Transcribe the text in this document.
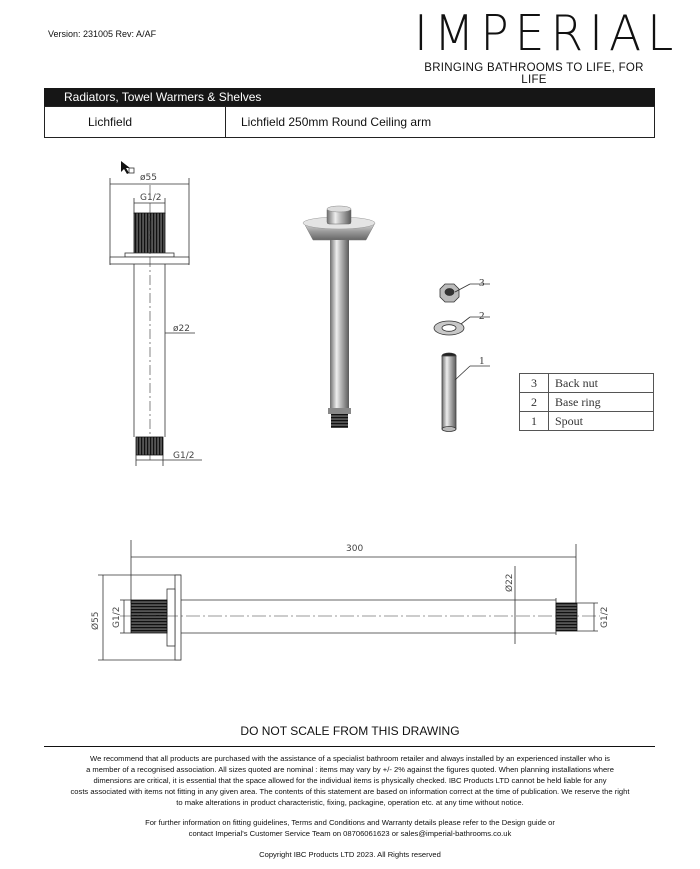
Version: 231005 Rev: A/AF	IMPERIAL
BRINGING BATHROOMS TO LIFE, FOR LIFE
Radiators, Towel Warmers & Shelves
Lichfield	Lichfield 250mm Round Ceiling arm
ø55
G1/2
ø22
G1/2
3
2
1
300
Ø22
Ø55 G1/2	G1/2
3	Back nut
2	Base ring
1	Spout
DO NOT SCALE FROM THIS DRAWING
We recommend that all products are purchased with the assistance of a specialist bathroom retailer and always installed by an experienced installer who is
a member of a recognised association. All sizes quoted are nominal : items may vary by +/- 2% against the figures quoted. When planning installations where
dimensions are critical, it is essential that the space allowed for the individual items is physically checked. IBC Products LTD cannot be held liable for any
costs associated with items not fitting in any given area. The contents of this statement are based on information correct at the time of publication. We reserve the right
to make alterations in product characteristic, fixing, packagine, operation etc. at any time without notice.
For further information on fitting guidelines, Terms and Conditions and Warranty details please refer to the Design guide or
contact Imperial's Customer Service Team on 08706061623 or sales@imperial-bathrooms.co.uk
Copyright IBC Products LTD 2023. All Rights reserved
